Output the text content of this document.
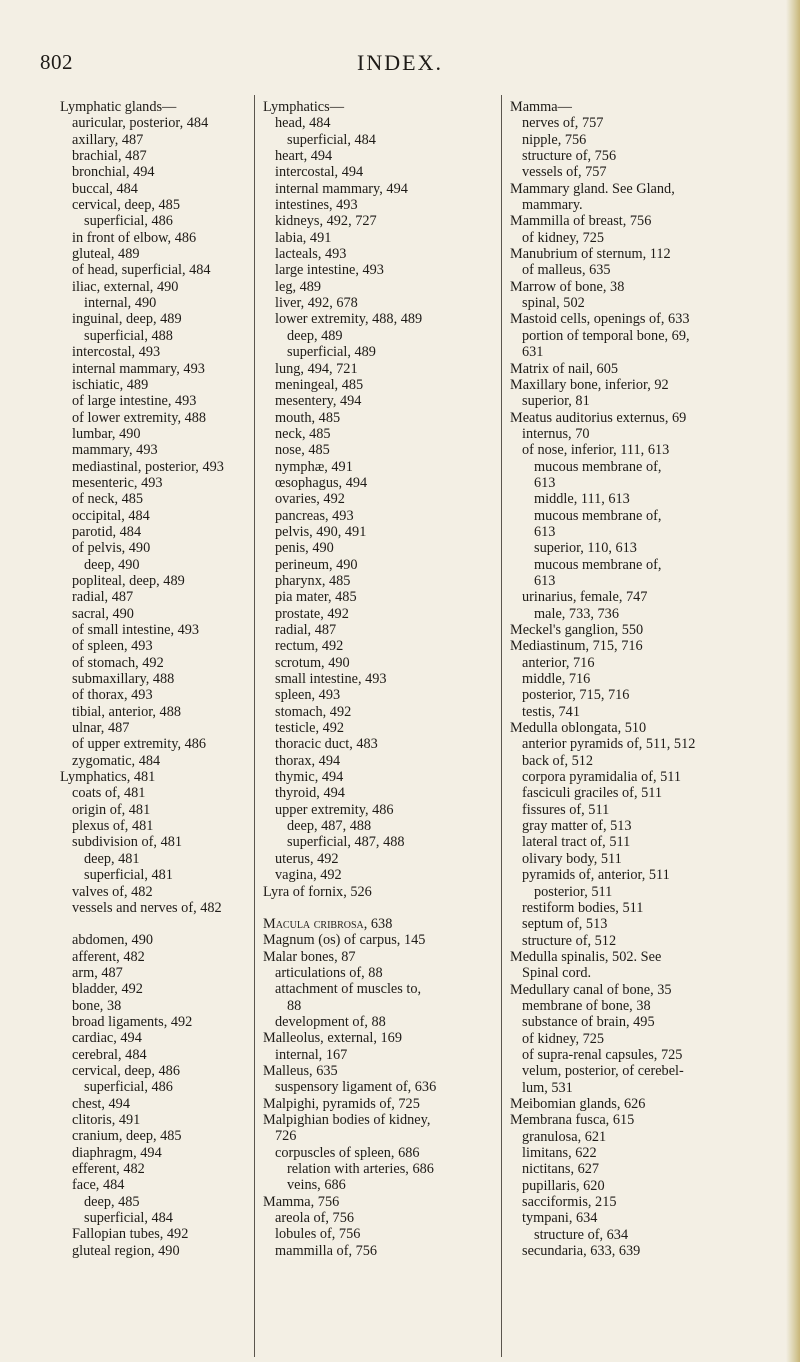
802	INDEX.
Lymphatic glands—
auricular, posterior, 484
axillary, 487
brachial, 487
bronchial, 494
buccal, 484
cervical, deep, 485
superficial, 486
in front of elbow, 486
gluteal, 489
of head, superficial, 484
iliac, external, 490
internal, 490
inguinal, deep, 489
superficial, 488
intercostal, 493
internal mammary, 493
ischiatic, 489
of large intestine, 493
of lower extremity, 488
lumbar, 490
mammary, 493
mediastinal, posterior, 493
mesenteric, 493
of neck, 485
occipital, 484
parotid, 484
of pelvis, 490
deep, 490
popliteal, deep, 489
radial, 487
sacral, 490
of small intestine, 493
of spleen, 493
of stomach, 492
submaxillary, 488
of thorax, 493
tibial, anterior, 488
ulnar, 487
of upper extremity, 486
zygomatic, 484
Lymphatics, 481
coats of, 481
origin of, 481
plexus of, 481
subdivision of, 481
deep, 481
superficial, 481
valves of, 482
vessels and nerves of, 482
abdomen, 490
afferent, 482
arm, 487
bladder, 492
bone, 38
broad ligaments, 492
cardiac, 494
cerebral, 484
cervical, deep, 486
superficial, 486
chest, 494
clitoris, 491
cranium, deep, 485
diaphragm, 494
efferent, 482
face, 484
deep, 485
superficial, 484
Fallopian tubes, 492
gluteal region, 490
Lymphatics—
head, 484
superficial, 484
heart, 494
intercostal, 494
internal mammary, 494
intestines, 493
kidneys, 492, 727
labia, 491
lacteals, 493
large intestine, 493
leg, 489
liver, 492, 678
lower extremity, 488, 489
deep, 489
superficial, 489
lung, 494, 721
meningeal, 485
mesentery, 494
mouth, 485
neck, 485
nose, 485
nymphæ, 491
œsophagus, 494
ovaries, 492
pancreas, 493
pelvis, 490, 491
penis, 490
perineum, 490
pharynx, 485
pia mater, 485
prostate, 492
radial, 487
rectum, 492
scrotum, 490
small intestine, 493
spleen, 493
stomach, 492
testicle, 492
thoracic duct, 483
thorax, 494
thymic, 494
thyroid, 494
upper extremity, 486
deep, 487, 488
superficial, 487, 488
uterus, 492
vagina, 492
Lyra of fornix, 526
Macula cribrosa, 638
Magnum (os) of carpus, 145
Malar bones, 87
articulations of, 88
attachment of muscles to,
88
development of, 88
Malleolus, external, 169
internal, 167
Malleus, 635
suspensory ligament of, 636
Malpighi, pyramids of, 725
Malpighian bodies of kidney,
726
corpuscles of spleen, 686
relation with arteries, 686
veins, 686
Mamma, 756
areola of, 756
lobules of, 756
mammilla of, 756
Mamma—
nerves of, 757
nipple, 756
structure of, 756
vessels of, 757
Mammary gland. See Gland,
mammary.
Mammilla of breast, 756
of kidney, 725
Manubrium of sternum, 112
of malleus, 635
Marrow of bone, 38
spinal, 502
Mastoid cells, openings of, 633
portion of temporal bone, 69,
631
Matrix of nail, 605
Maxillary bone, inferior, 92
superior, 81
Meatus auditorius externus, 69
internus, 70
of nose, inferior, 111, 613
mucous membrane of,
613
middle, 111, 613
mucous membrane of,
613
superior, 110, 613
mucous membrane of,
613
urinarius, female, 747
male, 733, 736
Meckel's ganglion, 550
Mediastinum, 715, 716
anterior, 716
middle, 716
posterior, 715, 716
testis, 741
Medulla oblongata, 510
anterior pyramids of, 511, 512
back of, 512
corpora pyramidalia of, 511
fasciculi graciles of, 511
fissures of, 511
gray matter of, 513
lateral tract of, 511
olivary body, 511
pyramids of, anterior, 511
posterior, 511
restiform bodies, 511
septum of, 513
structure of, 512
Medulla spinalis, 502. See
Spinal cord.
Medullary canal of bone, 35
membrane of bone, 38
substance of brain, 495
of kidney, 725
of supra-renal capsules, 725
velum, posterior, of cerebel-
lum, 531
Meibomian glands, 626
Membrana fusca, 615
granulosa, 621
limitans, 622
nictitans, 627
pupillaris, 620
sacciformis, 215
tympani, 634
structure of, 634
secundaria, 633, 639
